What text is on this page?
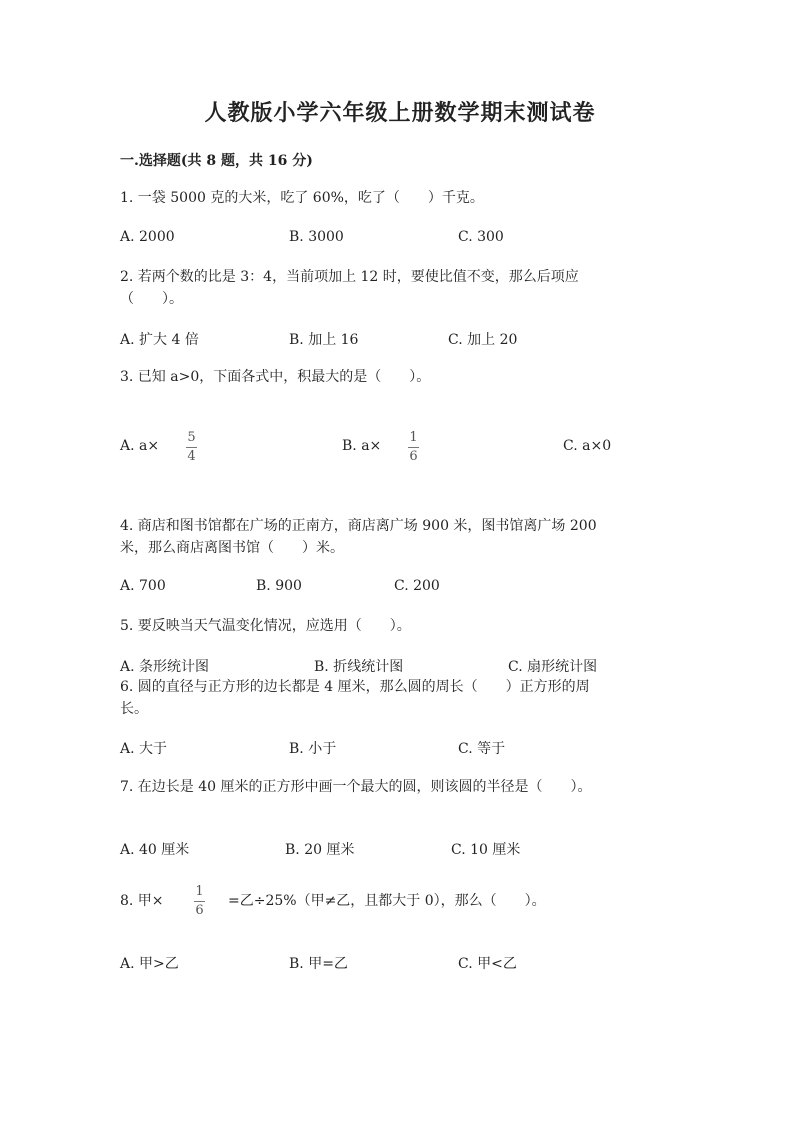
人教版小学六年级上册数学期末测试卷
一.选择题(共 8 题，共 16 分)
1. 一袋 5000 克的大米，吃了 60%，吃了（　　）千克。
A. 2000	B. 3000	C. 300
2. 若两个数的比是 3：4，当前项加上 12 时，要使比值不变，那么后项应
（　　）。
A. 扩大 4 倍	B. 加上 16	C. 加上 20
3. 已知 a>0，下面各式中，积最大的是（　　）。
A. a×
5
4
B. a×
1
6
C. a×0
4. 商店和图书馆都在广场的正南方，商店离广场 900 米，图书馆离广场 200
米，那么商店离图书馆（　　）米。
A. 700	B. 900	C. 200
5. 要反映当天气温变化情况，应选用（　　）。
A. 条形统计图	B. 折线统计图	C. 扇形统计图
6. 圆的直径与正方形的边长都是 4 厘米，那么圆的周长（　　）正方形的周
长。
A. 大于	B. 小于	C. 等于
7. 在边长是 40 厘米的正方形中画一个最大的圆，则该圆的半径是（　　）。
A. 40 厘米	B. 20 厘米	C. 10 厘米
8. 甲×
1
6
=乙÷25%（甲≠乙，且都大于 0），那么（　　）。
A. 甲>乙	B. 甲=乙	C. 甲<乙
